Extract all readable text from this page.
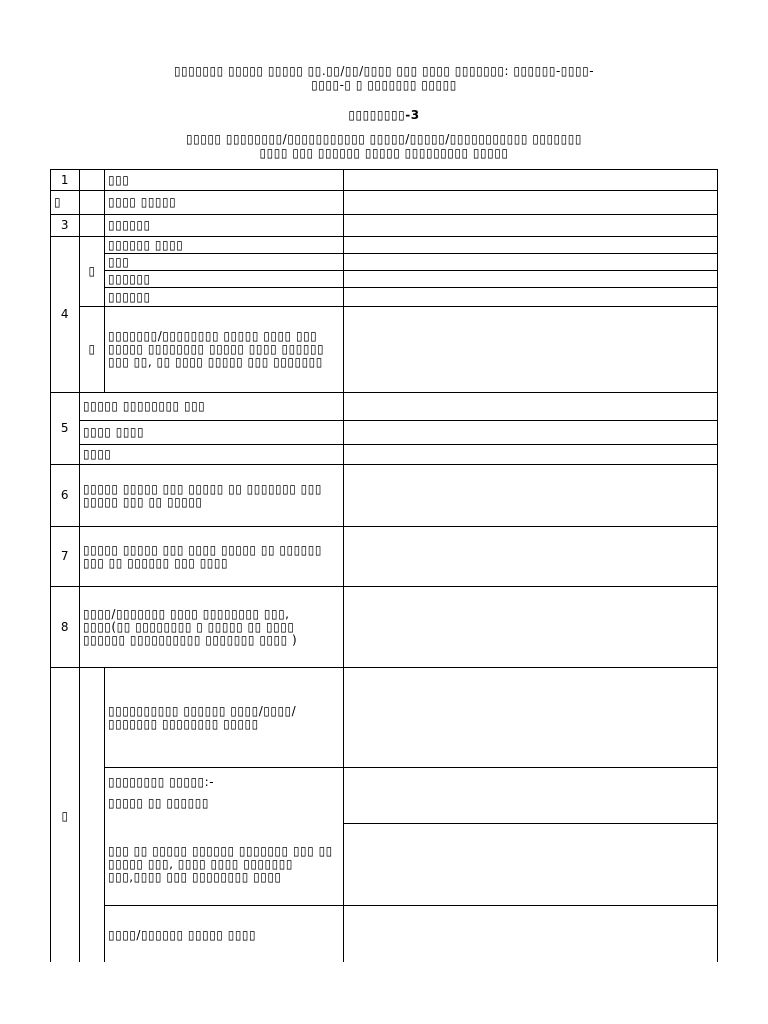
▯▯▯▯▯▯▯ ▯▯▯▯▯ ▯▯▯▯▯ ▯▯.▯▯/▯▯/▯▯▯▯ ▯▯▯ ▯▯▯▯ ▯▯▯▯▯▯▯: ▯▯▯▯▯▯-▯▯▯▯-
▯▯▯▯-▯ ▯ ▯▯▯▯▯▯▯ ▯▯▯▯▯
▯▯▯▯▯▯▯▯-3
▯▯▯▯▯ ▯▯▯▯▯▯▯▯/▯▯▯▯▯▯▯▯▯▯▯ ▯▯▯▯▯/▯▯▯▯▯/▯▯▯▯▯▯▯▯▯▯▯ ▯▯▯▯▯▯▯
▯▯▯▯ ▯▯▯ ▯▯▯▯▯▯ ▯▯▯▯▯ ▯▯▯▯▯▯▯▯▯ ▯▯▯▯▯
1		▯▯▯	
▯		▯▯▯▯ ▯▯▯▯▯	
3		▯▯▯▯▯▯	
4	▯	▯▯▯▯▯▯ ▯▯▯▯	
		▯▯▯	
		▯▯▯▯▯▯	
		▯▯▯▯▯▯	
	▯	▯▯▯▯▯▯▯/▯▯▯▯▯▯▯▯ ▯▯▯▯▯ ▯▯▯▯ ▯▯▯ ▯▯▯▯▯ ▯▯▯▯▯▯▯▯ ▯▯▯▯▯ ▯▯▯▯ ▯▯▯▯▯▯ ▯▯▯ ▯▯, ▯▯ ▯▯▯▯ ▯▯▯▯▯ ▯▯▯ ▯▯▯▯▯▯▯	
5	▯▯▯▯▯ ▯▯▯▯▯▯▯▯ ▯▯▯		
	▯▯▯▯ ▯▯▯▯		
	▯▯▯▯		
6	▯▯▯▯▯ ▯▯▯▯▯ ▯▯▯ ▯▯▯▯▯ ▯▯ ▯▯▯▯▯▯▯ ▯▯▯ ▯▯▯▯▯ ▯▯▯ ▯▯ ▯▯▯▯▯		
7	▯▯▯▯▯ ▯▯▯▯▯ ▯▯▯ ▯▯▯▯ ▯▯▯▯▯ ▯▯ ▯▯▯▯▯▯ ▯▯▯ ▯▯ ▯▯▯▯▯▯ ▯▯▯ ▯▯▯▯		
8	▯▯▯▯/▯▯▯▯▯▯▯ ▯▯▯▯ ▯▯▯▯▯▯▯▯ ▯▯▯, ▯▯▯▯(▯▯ ▯▯▯▯▯▯▯▯ ▯ ▯▯▯▯▯ ▯▯ ▯▯▯▯ ▯▯▯▯▯▯ ▯▯▯▯▯▯▯▯▯▯ ▯▯▯▯▯▯▯ ▯▯▯▯ )		
▯		▯▯▯▯▯▯▯▯▯▯ ▯▯▯▯▯▯ ▯▯▯▯/▯▯▯▯/▯▯▯▯▯▯▯ ▯▯▯▯▯▯▯▯ ▯▯▯▯▯	

		▯▯▯▯▯▯▯▯ ▯▯▯▯▯:-
▯▯▯▯▯ ▯▯ ▯▯▯▯▯▯	

		▯▯▯ ▯▯ ▯▯▯▯▯ ▯▯▯▯▯▯ ▯▯▯▯▯▯▯ ▯▯▯ ▯▯ ▯▯▯▯▯ ▯▯▯, ▯▯▯▯ ▯▯▯▯ ▯▯▯▯▯▯▯ ▯▯▯,▯▯▯▯ ▯▯▯ ▯▯▯▯▯▯▯▯ ▯▯▯▯	
		▯▯▯▯/▯▯▯▯▯▯ ▯▯▯▯▯ ▯▯▯▯	
